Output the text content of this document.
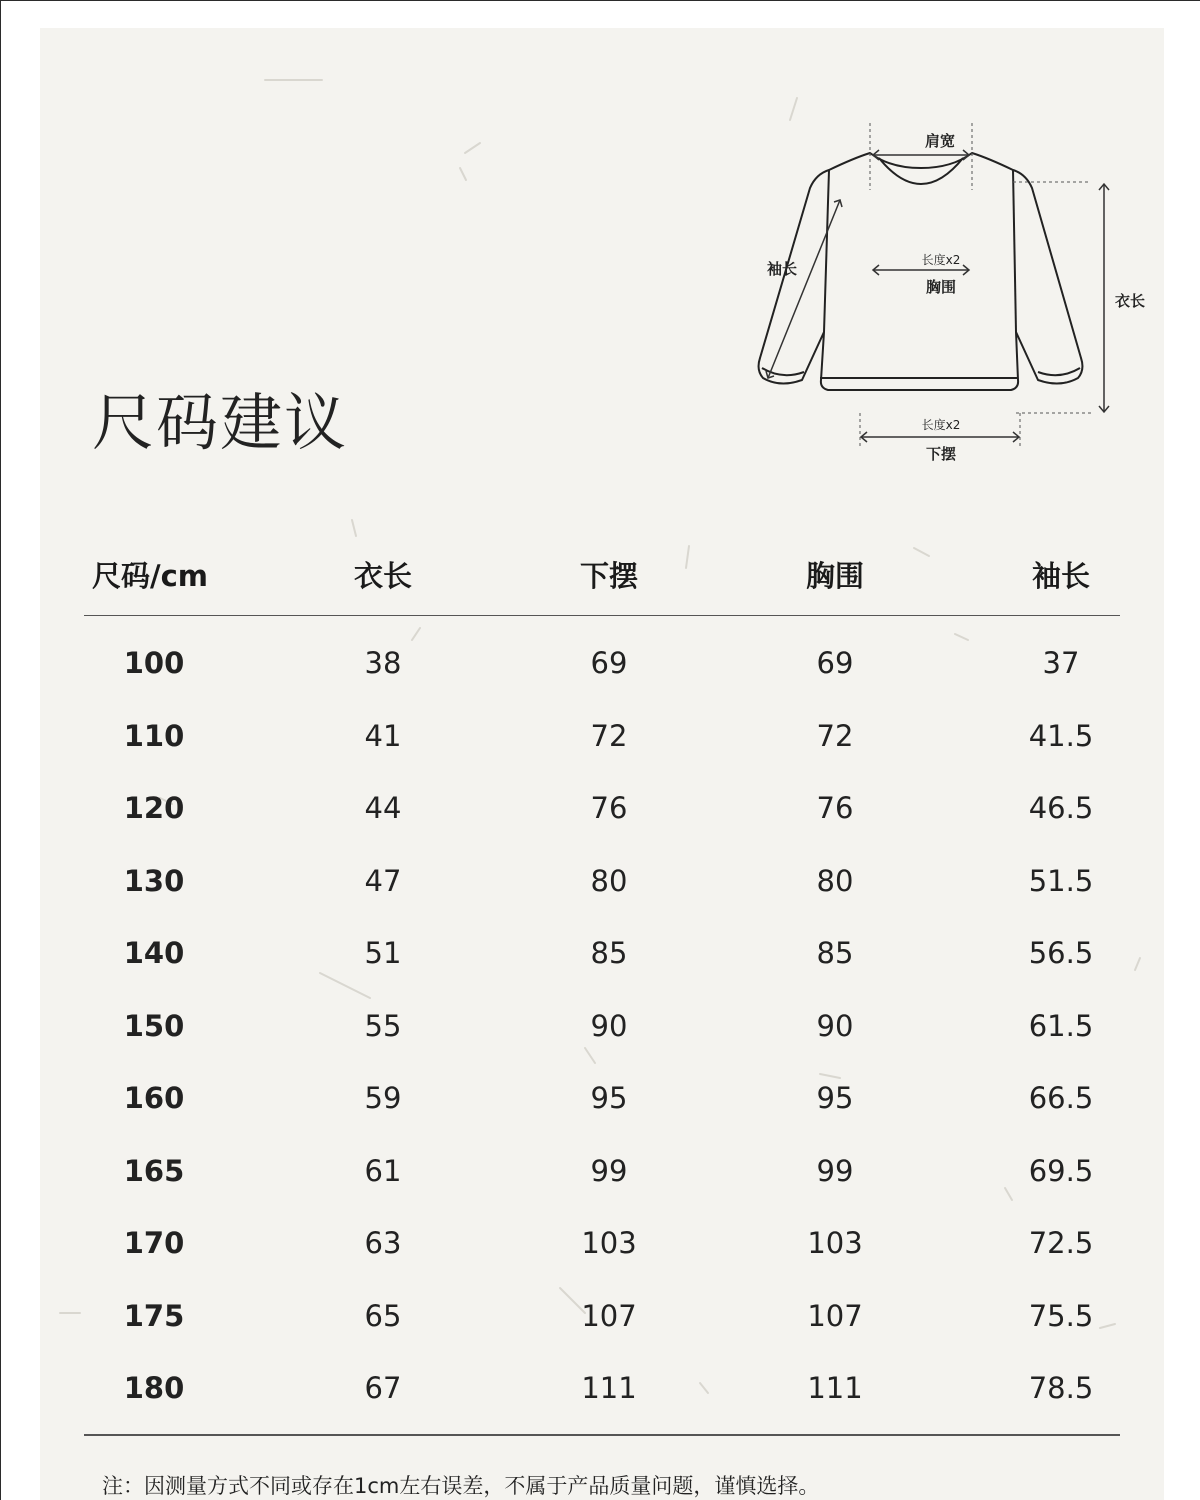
尺码建议
肩宽
袖长
衣长
长度x2
胸围
长度x2
下摆
尺码/cm	衣长	下摆	胸围	袖长
100	38	69	69	37
110	41	72	72	41.5
120	44	76	76	46.5
130	47	80	80	51.5
140	51	85	85	56.5
150	55	90	90	61.5
160	59	95	95	66.5
165	61	99	99	69.5
170	63	103	103	72.5
175	65	107	107	75.5
180	67	111	111	78.5
注：因测量方式不同或存在1cm左右误差，不属于产品质量问题，谨慎选择。
